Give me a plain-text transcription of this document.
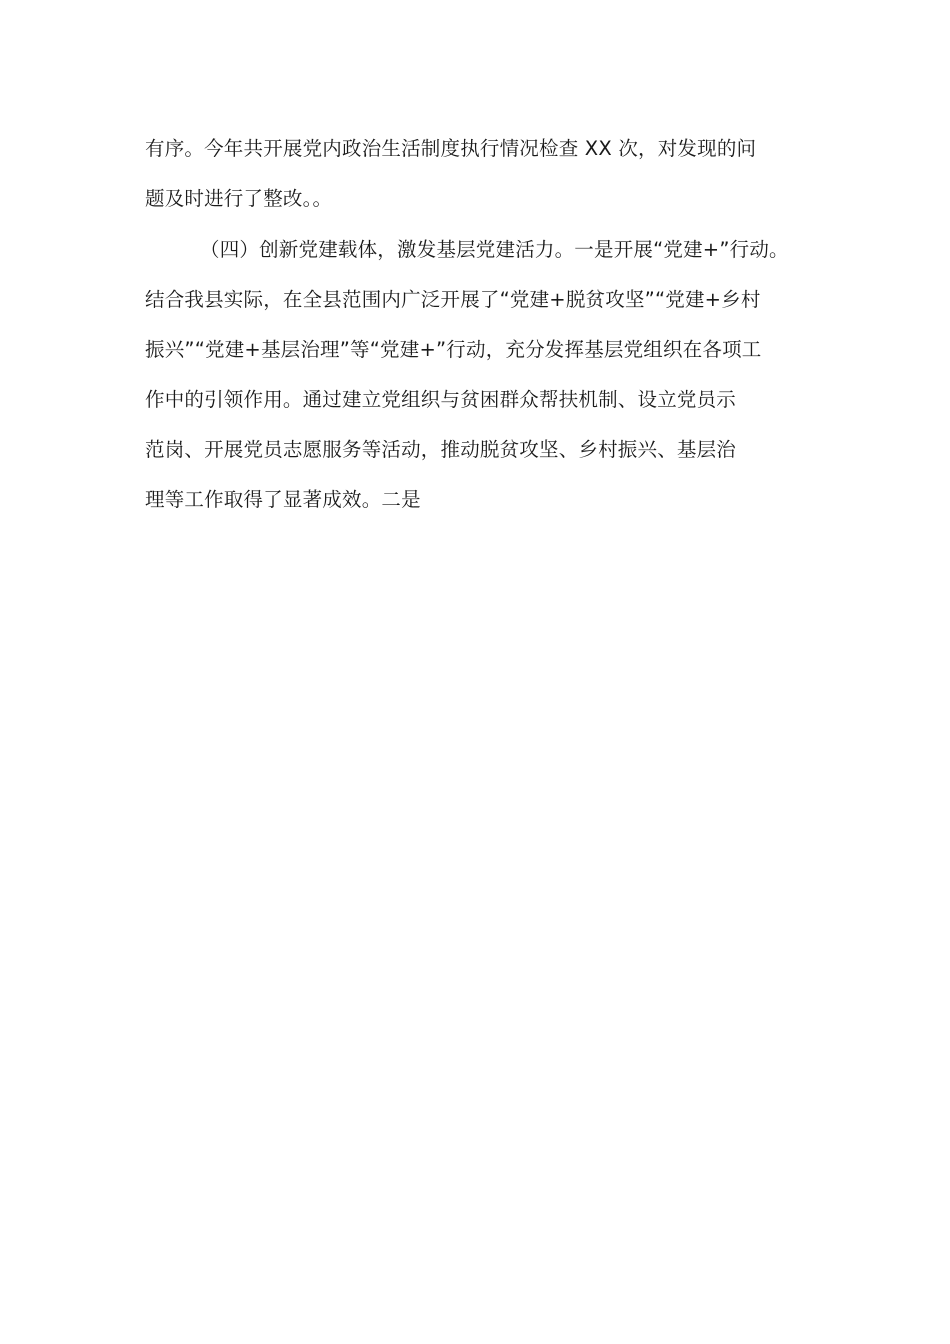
有序。今年共开展党内政治生活制度执行情况检查 XX 次，对发现的问
题及时进行了整改。。
（四）创新党建载体，激发基层党建活力。一是开展“党建+”行动。
结合我县实际，在全县范围内广泛开展了“党建+脱贫攻坚”“党建+乡村
振兴”“党建+基层治理”等“党建+”行动，充分发挥基层党组织在各项工
作中的引领作用。通过建立党组织与贫困群众帮扶机制、设立党员示
范岗、开展党员志愿服务等活动，推动脱贫攻坚、乡村振兴、基层治
理等工作取得了显著成效。二是
